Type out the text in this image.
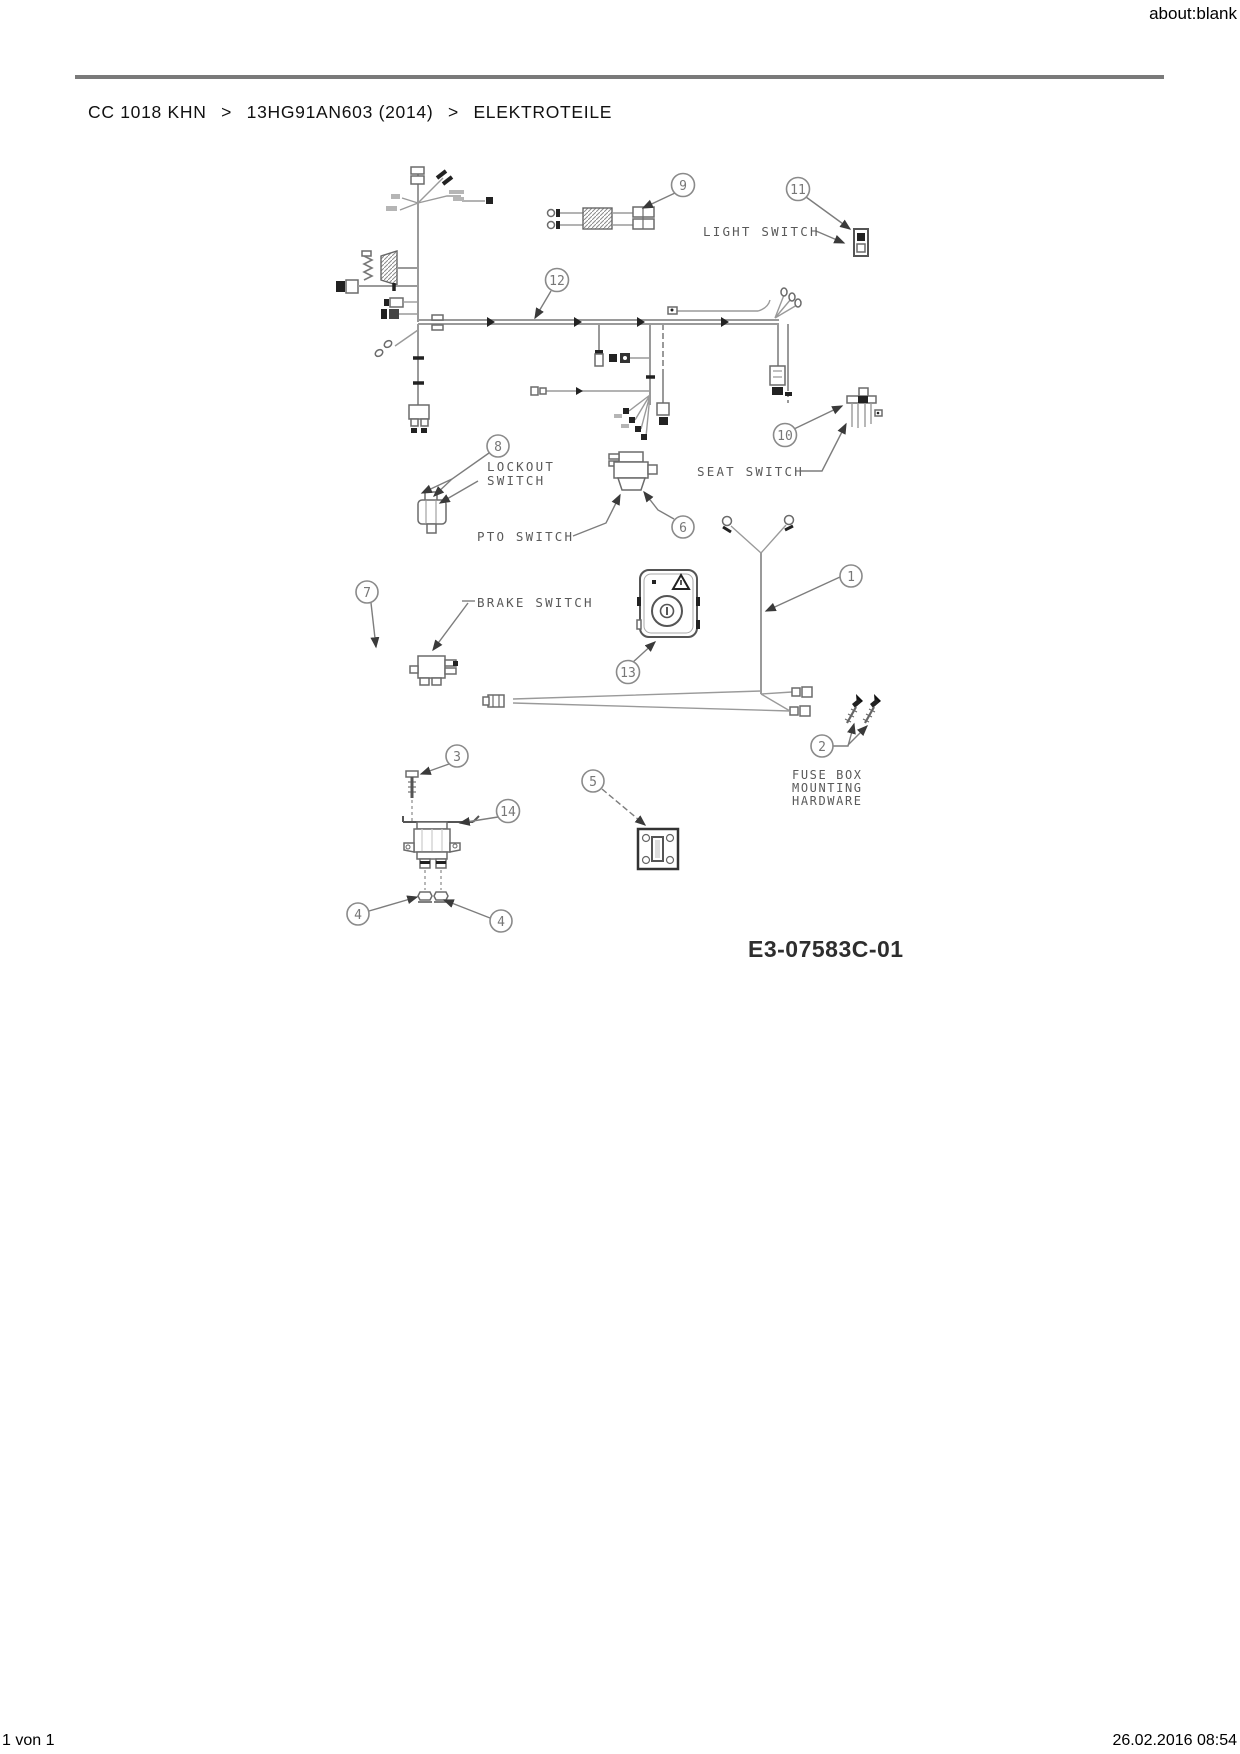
about:blank
CC 1018 KHN > 13HG91AN603 (2014) > ELEKTROTEILE
LIGHT SWITCH
LOCKOUT
SWITCH
SEAT SWITCH
PTO SWITCH
BRAKE SWITCH
FUSE BOX
MOUNTING
HARDWARE
E3-07583C-01
1
2
3
4	4
5
6
7
8
9
10
11
12
13
14
1 von 1	26.02.2016 08:54
